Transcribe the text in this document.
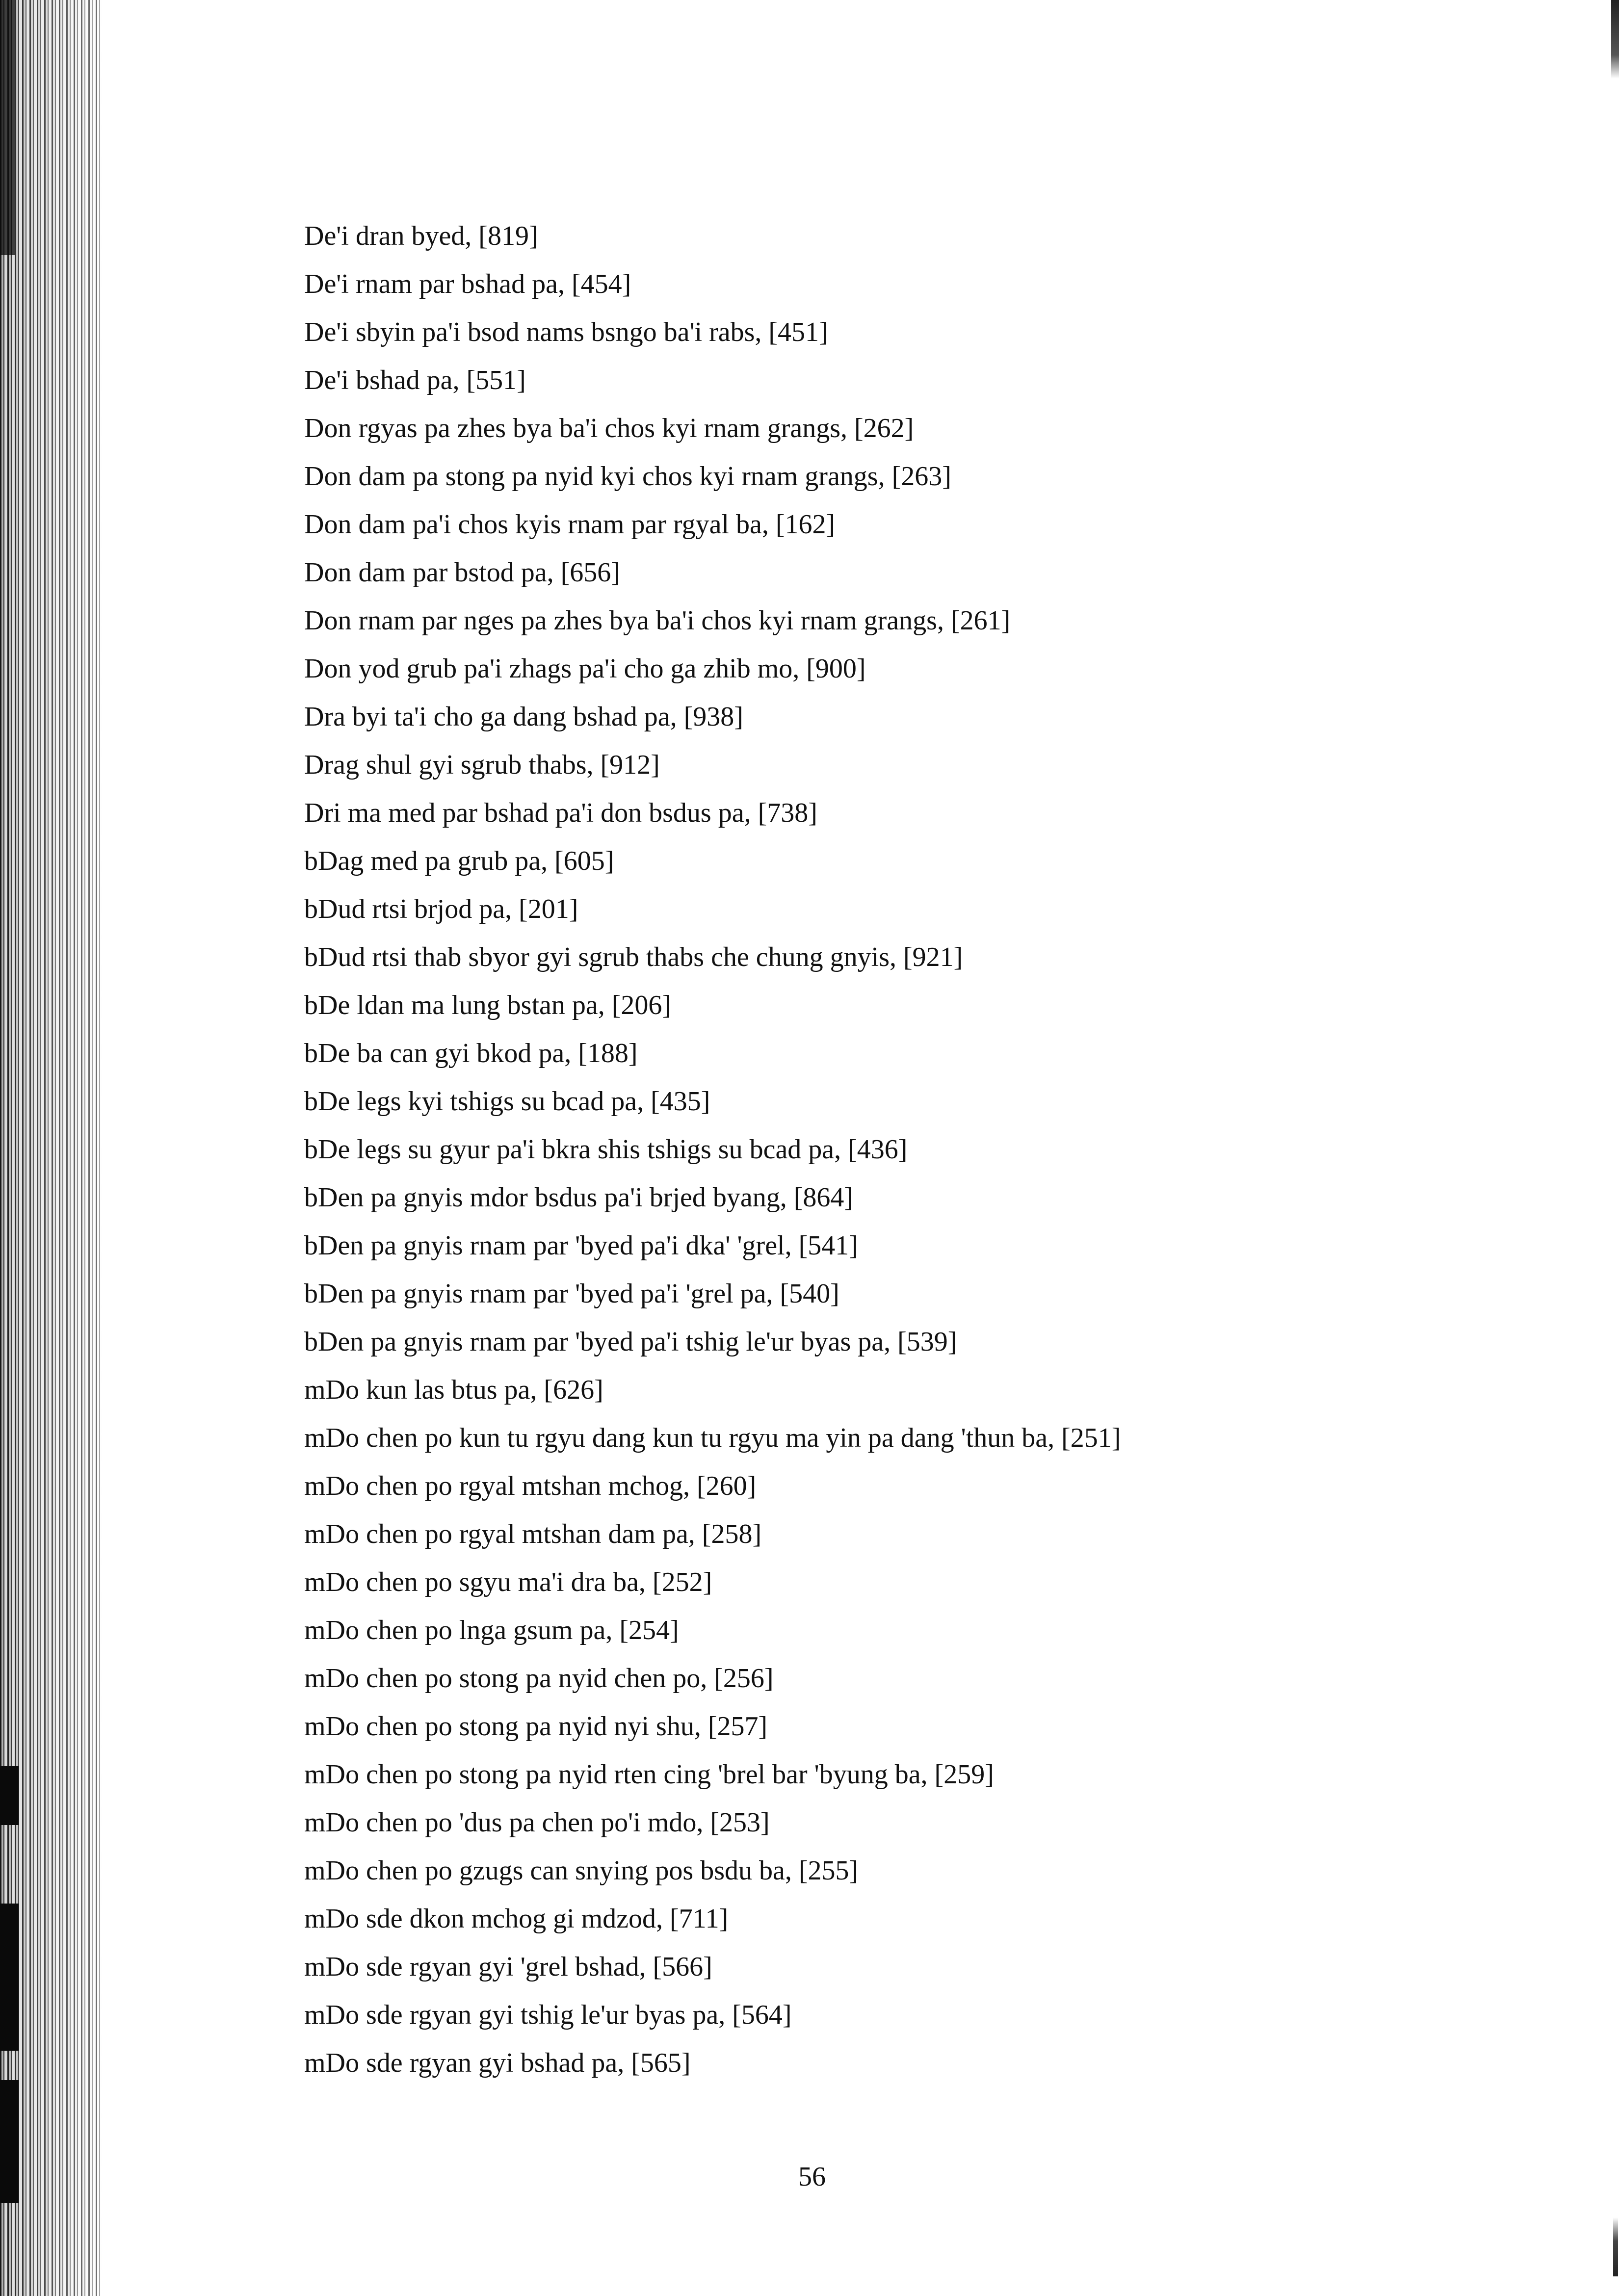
De'i dran byed, [819]
De'i rnam par bshad pa, [454]
De'i sbyin pa'i bsod nams bsngo ba'i rabs, [451]
De'i bshad pa, [551]
Don rgyas pa zhes bya ba'i chos kyi rnam grangs, [262]
Don dam pa stong pa nyid kyi chos kyi rnam grangs, [263]
Don dam pa'i chos kyis rnam par rgyal ba, [162]
Don dam par bstod pa, [656]
Don rnam par nges pa zhes bya ba'i chos kyi rnam grangs, [261]
Don yod grub pa'i zhags pa'i cho ga zhib mo, [900]
Dra byi ta'i cho ga dang bshad pa, [938]
Drag shul gyi sgrub thabs, [912]
Dri ma med par bshad pa'i don bsdus pa, [738]
bDag med pa grub pa, [605]
bDud rtsi brjod pa, [201]
bDud rtsi thab sbyor gyi sgrub thabs che chung gnyis, [921]
bDe ldan ma lung bstan pa, [206]
bDe ba can gyi bkod pa, [188]
bDe legs kyi tshigs su bcad pa, [435]
bDe legs su gyur pa'i bkra shis tshigs su bcad pa, [436]
bDen pa gnyis mdor bsdus pa'i brjed byang, [864]
bDen pa gnyis rnam par 'byed pa'i dka' 'grel, [541]
bDen pa gnyis rnam par 'byed pa'i 'grel pa, [540]
bDen pa gnyis rnam par 'byed pa'i tshig le'ur byas pa, [539]
mDo kun las btus pa, [626]
mDo chen po kun tu rgyu dang kun tu rgyu ma yin pa dang 'thun ba, [251]
mDo chen po rgyal mtshan mchog, [260]
mDo chen po rgyal mtshan dam pa, [258]
mDo chen po sgyu ma'i dra ba, [252]
mDo chen po lnga gsum pa, [254]
mDo chen po stong pa nyid chen po, [256]
mDo chen po stong pa nyid nyi shu, [257]
mDo chen po stong pa nyid rten cing 'brel bar 'byung ba, [259]
mDo chen po 'dus pa chen po'i mdo, [253]
mDo chen po gzugs can snying pos bsdu ba, [255]
mDo sde dkon mchog gi mdzod, [711]
mDo sde rgyan gyi 'grel bshad, [566]
mDo sde rgyan gyi tshig le'ur byas pa, [564]
mDo sde rgyan gyi bshad pa, [565]
56
